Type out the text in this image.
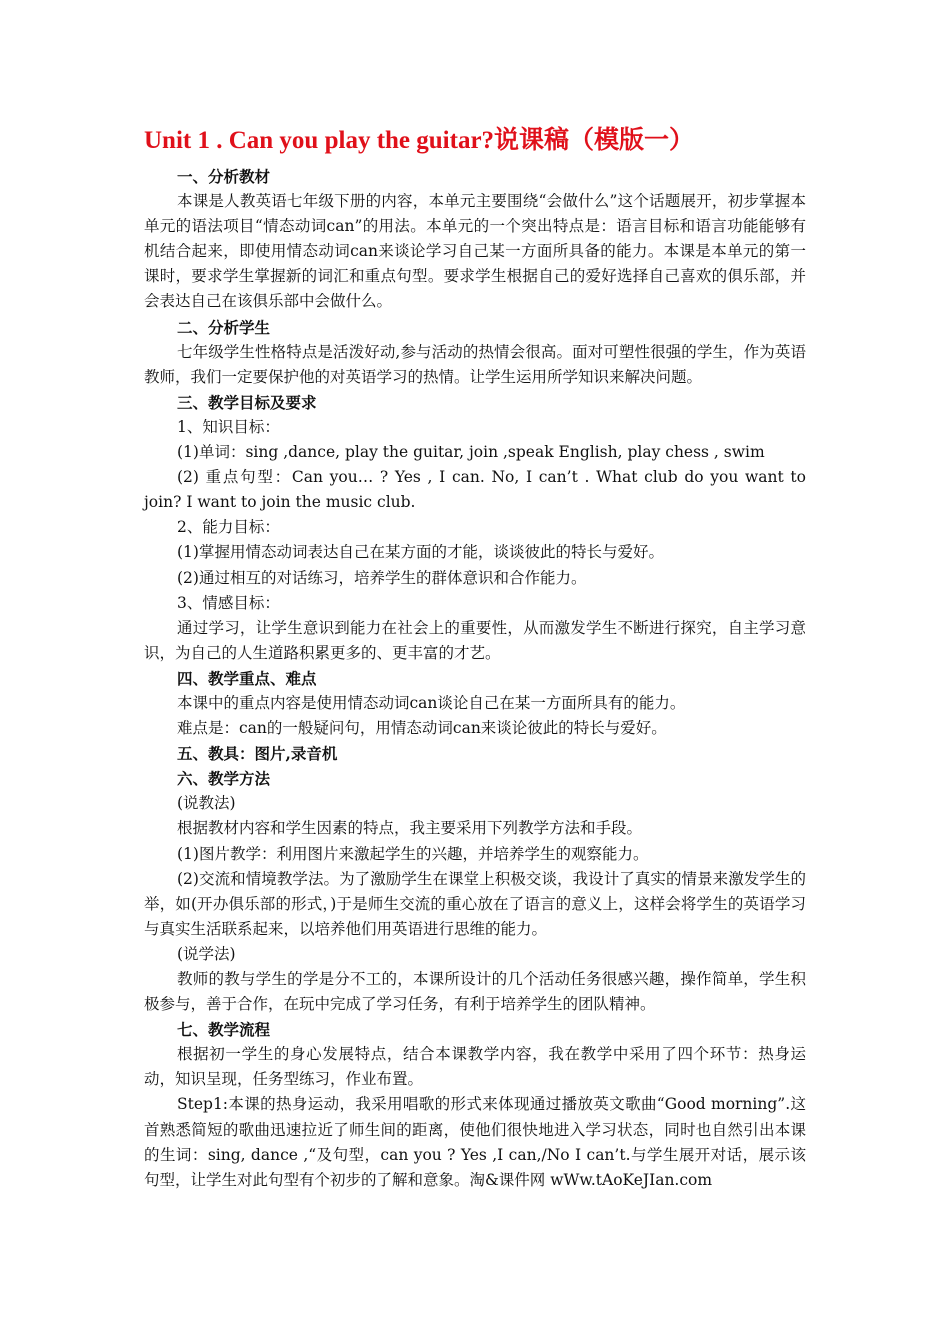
Unit 1 . Can you play the guitar?说课稿（模版一）

一、分析教材

本课是人教英语七年级下册的内容，本单元主要围绕“会做什么”这个话题展开，初步掌握本单元的语法项目“情态动词can”的用法。本单元的一个突出特点是：语言目标和语言功能能够有机结合起来，即使用情态动词can来谈论学习自己某一方面所具备的能力。本课是本单元的第一课时，要求学生掌握新的词汇和重点句型。要求学生根据自己的爱好选择自己喜欢的俱乐部，并会表达自己在该俱乐部中会做什么。

二、分析学生

七年级学生性格特点是活泼好动,参与活动的热情会很高。面对可塑性很强的学生，作为英语教师，我们一定要保护他的对英语学习的热情。让学生运用所学知识来解决问题。

三、教学目标及要求

1、知识目标：

(1)单词：sing ,dance, play the guitar, join ,speak English, play chess , swim

(2) 重点句型：Can you… ? Yes , I can. No, I can’t . What club do you want to join? I want to join the music club.

2、能力目标：

(1)掌握用情态动词表达自己在某方面的才能，谈谈彼此的特长与爱好。

(2)通过相互的对话练习，培养学生的群体意识和合作能力。

3、情感目标：

通过学习，让学生意识到能力在社会上的重要性，从而激发学生不断进行探究，自主学习意识，为自己的人生道路积累更多的、更丰富的才艺。

四、教学重点、难点

本课中的重点内容是使用情态动词can谈论自己在某一方面所具有的能力。

难点是：can的一般疑问句，用情态动词can来谈论彼此的特长与爱好。

五、教具：图片,录音机

六、教学方法

(说教法)

根据教材内容和学生因素的特点，我主要采用下列教学方法和手段。

(1)图片教学：利用图片来激起学生的兴趣，并培养学生的观察能力。

(2)交流和情境教学法。为了激励学生在课堂上积极交谈，我设计了真实的情景来激发学生的举，如(开办俱乐部的形式，)于是师生交流的重心放在了语言的意义上，这样会将学生的英语学习与真实生活联系起来，以培养他们用英语进行思维的能力。

(说学法)

教师的教与学生的学是分不工的，本课所设计的几个活动任务很感兴趣，操作简单，学生积极参与，善于合作，在玩中完成了学习任务，有利于培养学生的团队精神。

七、教学流程

根据初一学生的身心发展特点，结合本课教学内容，我在教学中采用了四个环节：热身运动，知识呈现，任务型练习，作业布置。

Step1:本课的热身运动，我采用唱歌的形式来体现通过播放英文歌曲“Good morning”.这首熟悉简短的歌曲迅速拉近了师生间的距离，使他们很快地进入学习状态，同时也自然引出本课的生词：sing, dance ,“及句型，can you ? Yes ,I can,/No I can’t.与学生展开对话，展示该句型，让学生对此句型有个初步的了解和意象。淘&课件网 wWw.tAoKeJIan.com
